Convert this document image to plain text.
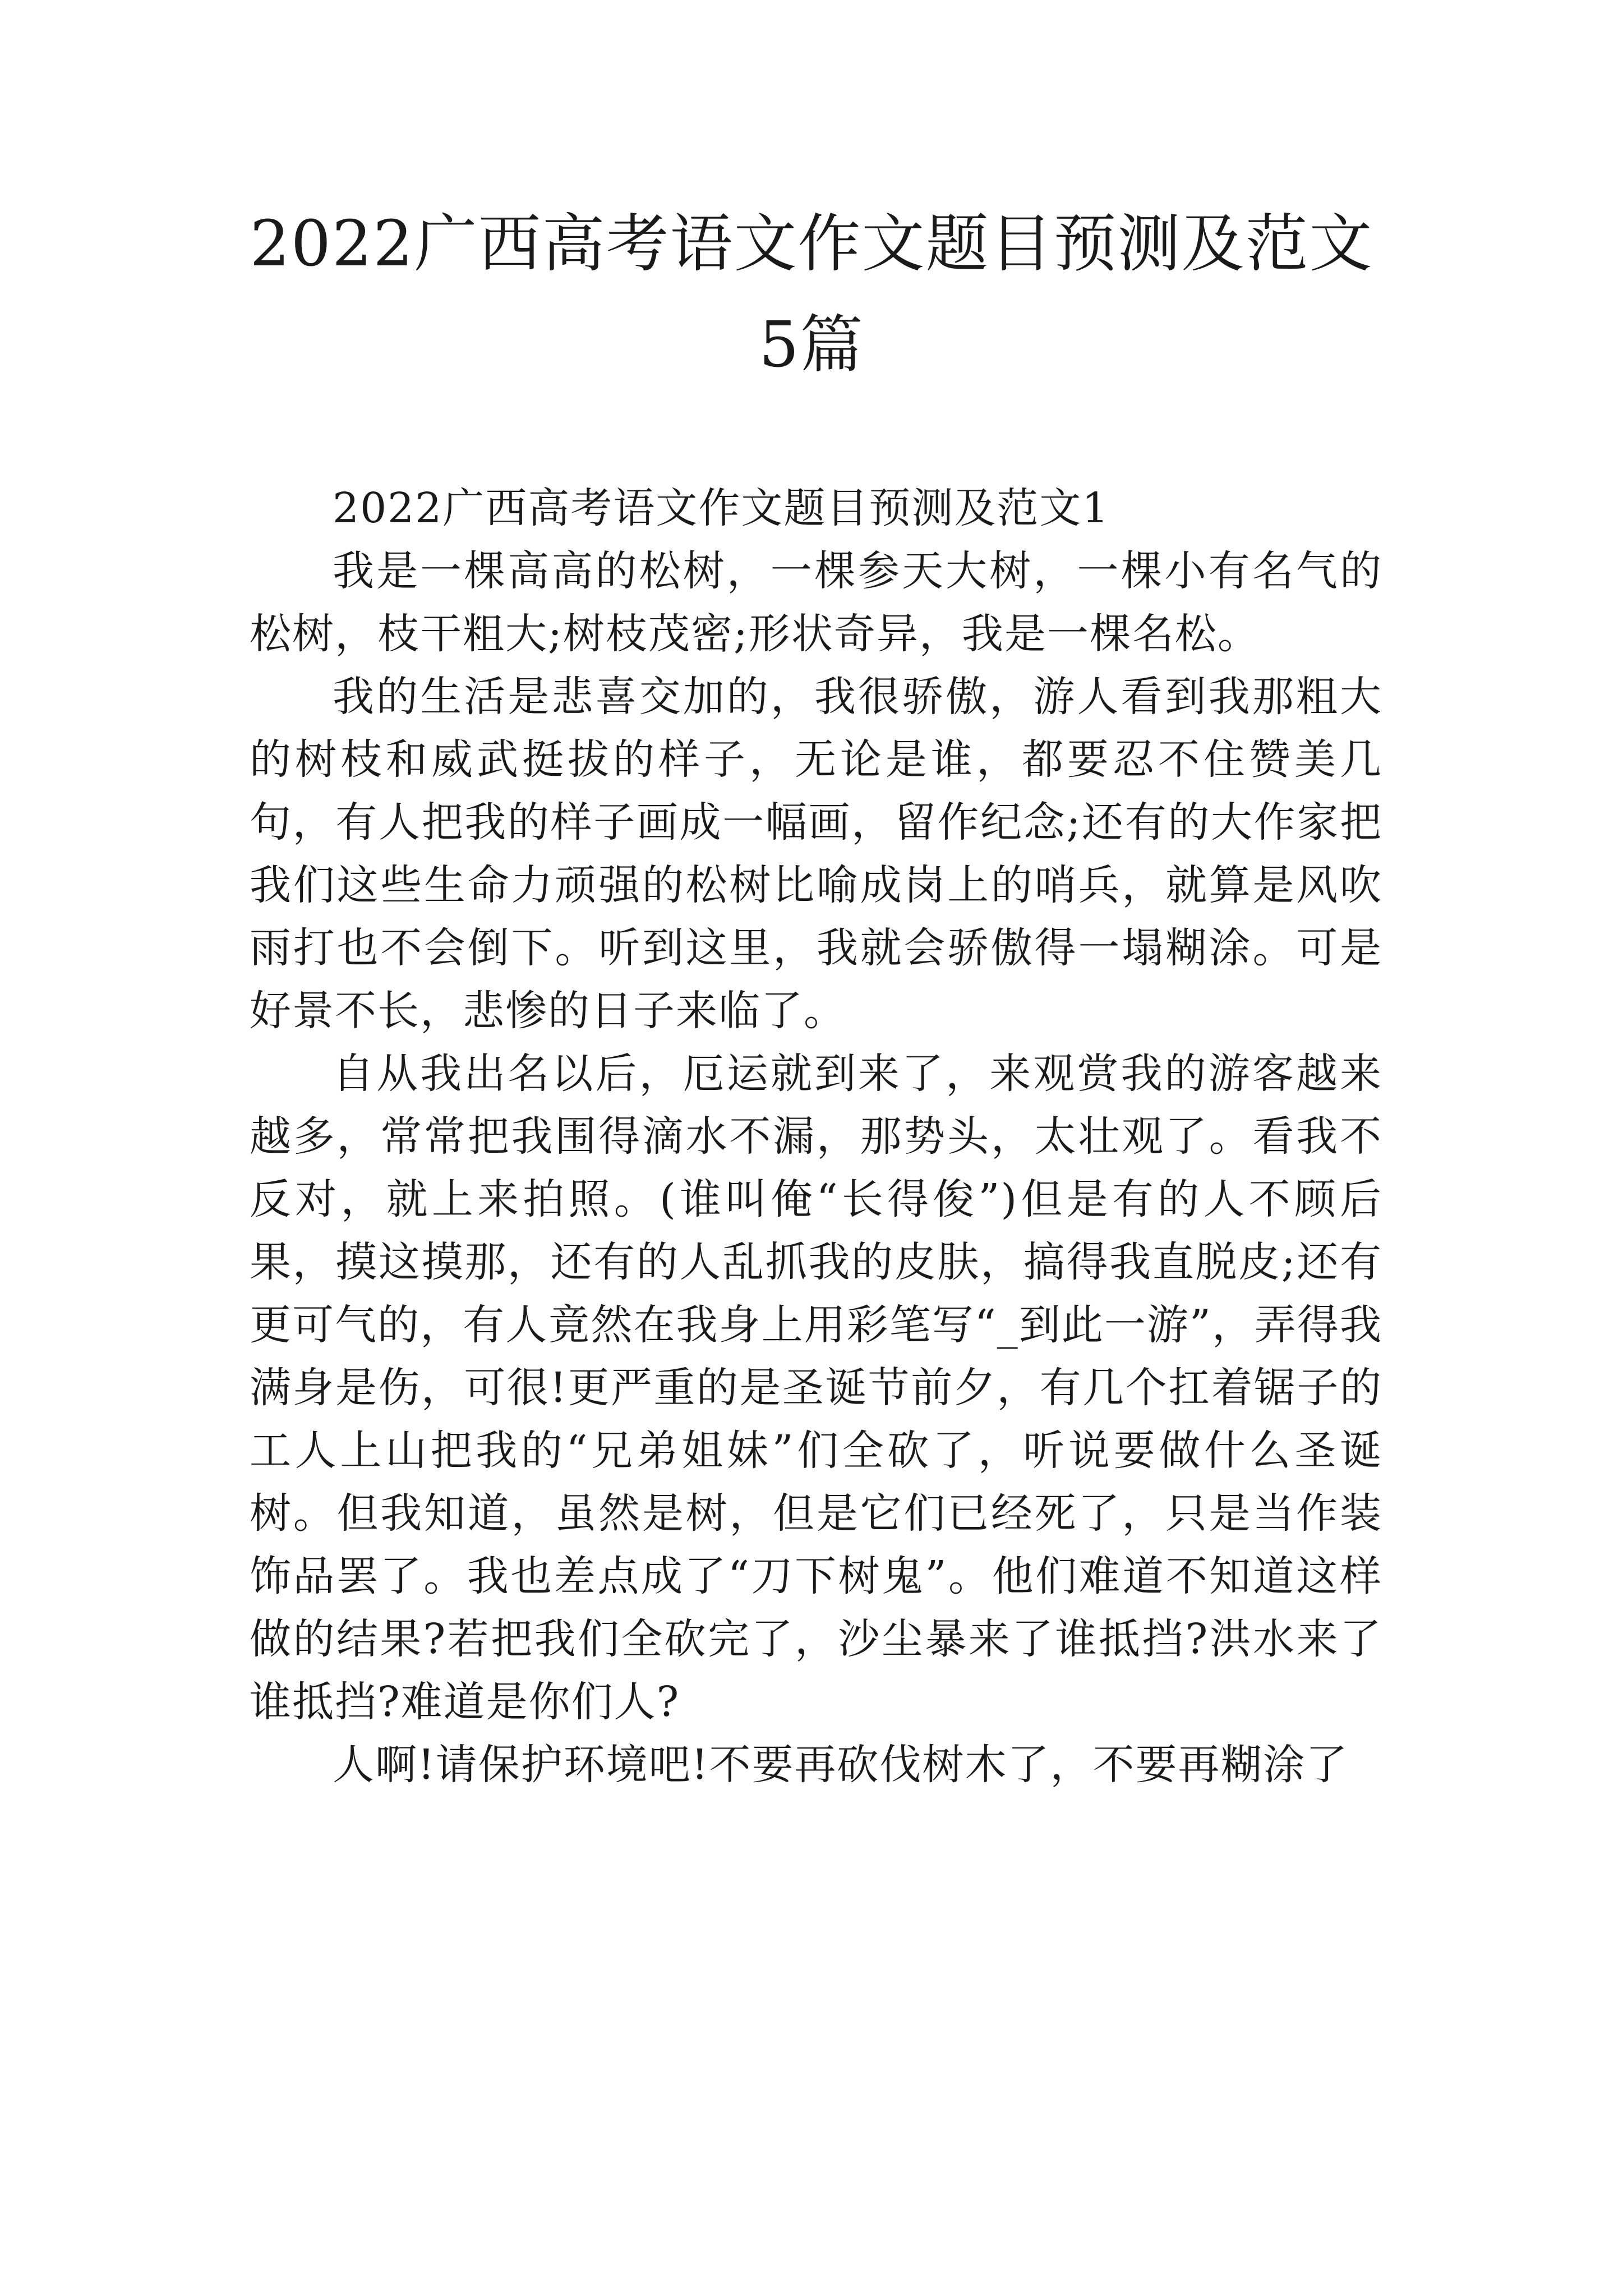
2022广西高考语文作文题目预测及范文5篇

2022广西高考语文作文题目预测及范文1

我是一棵高高的松树，一棵参天大树，一棵小有名气的松树，枝干粗大;树枝茂密;形状奇异，我是一棵名松。

我的生活是悲喜交加的，我很骄傲，游人看到我那粗大的树枝和威武挺拔的样子，无论是谁，都要忍不住赞美几句，有人把我的样子画成一幅画，留作纪念;还有的大作家把我们这些生命力顽强的松树比喻成岗上的哨兵，就算是风吹雨打也不会倒下。听到这里，我就会骄傲得一塌糊涂。可是好景不长，悲惨的日子来临了。

自从我出名以后，厄运就到来了，来观赏我的游客越来越多，常常把我围得滴水不漏，那势头，太壮观了。看我不反对，就上来拍照。(谁叫俺“长得俊”)但是有的人不顾后果，摸这摸那，还有的人乱抓我的皮肤，搞得我直脱皮;还有更可气的，有人竟然在我身上用彩笔写“_到此一游”，弄得我满身是伤，可很!更严重的是圣诞节前夕，有几个扛着锯子的工人上山把我的“兄弟姐妹”们全砍了，听说要做什么圣诞树。但我知道，虽然是树，但是它们已经死了，只是当作装饰品罢了。我也差点成了“刀下树鬼”。他们难道不知道这样做的结果?若把我们全砍完了，沙尘暴来了谁抵挡?洪水来了谁抵挡?难道是你们人?

人啊!请保护环境吧!不要再砍伐树木了，不要再糊涂了
